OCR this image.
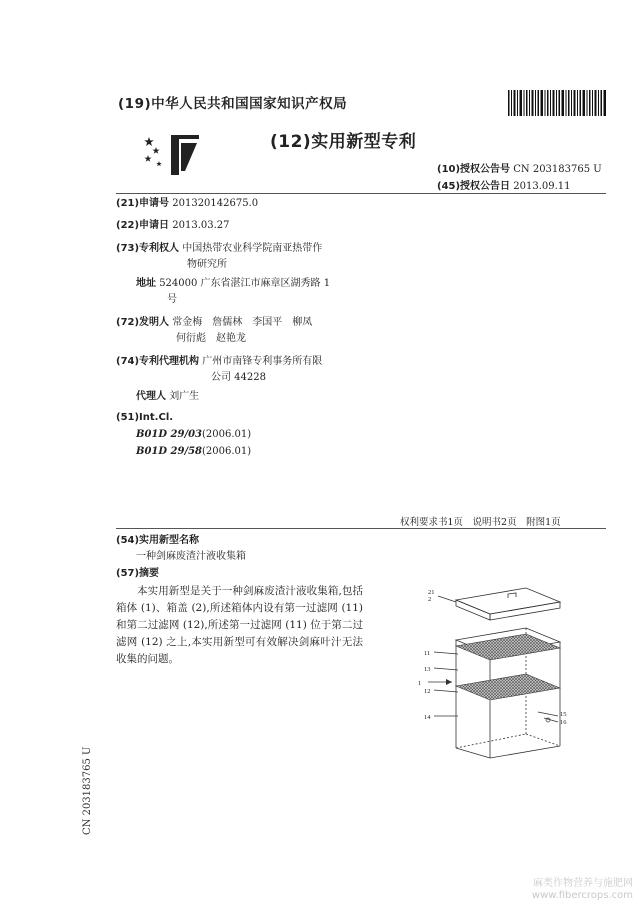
(19)中华人民共和国国家知识产权局
(12)实用新型专利
(10)授权公告号 CN 203183765 U
(45)授权公告日 2013.09.11
(21)申请号 201320142675.0
(22)申请日 2013.03.27
(73)专利权人 中国热带农业科学院南亚热带作
物研究所
地址 524000 广东省湛江市麻章区湖秀路 1
号
(72)发明人 常金梅　詹儒林　李国平　柳凤
何衍彪　赵艳龙
(74)专利代理机构 广州市南锋专利事务所有限
公司 44228
代理人 刘广生
(51)Int.Cl.
B01D 29/03(2006.01)
B01D 29/58(2006.01)
权利要求书1页　说明书2页　附图1页
(54)实用新型名称
一种剑麻废渣汁液收集箱
(57)摘要
本实用新型是关于一种剑麻废渣汁液收集箱,包括箱体 (1)、箱盖 (2),所述箱体内设有第一过滤网 (11) 和第二过滤网 (12),所述第一过滤网 (11) 位于第二过滤网 (12) 之上,本实用新型可有效解决剑麻叶汁无法收集的问题。
21
2
11
13
1
12
14	15
16
CN 203183765 U
麻类作物营养与施肥网
www.fibercrops.com
